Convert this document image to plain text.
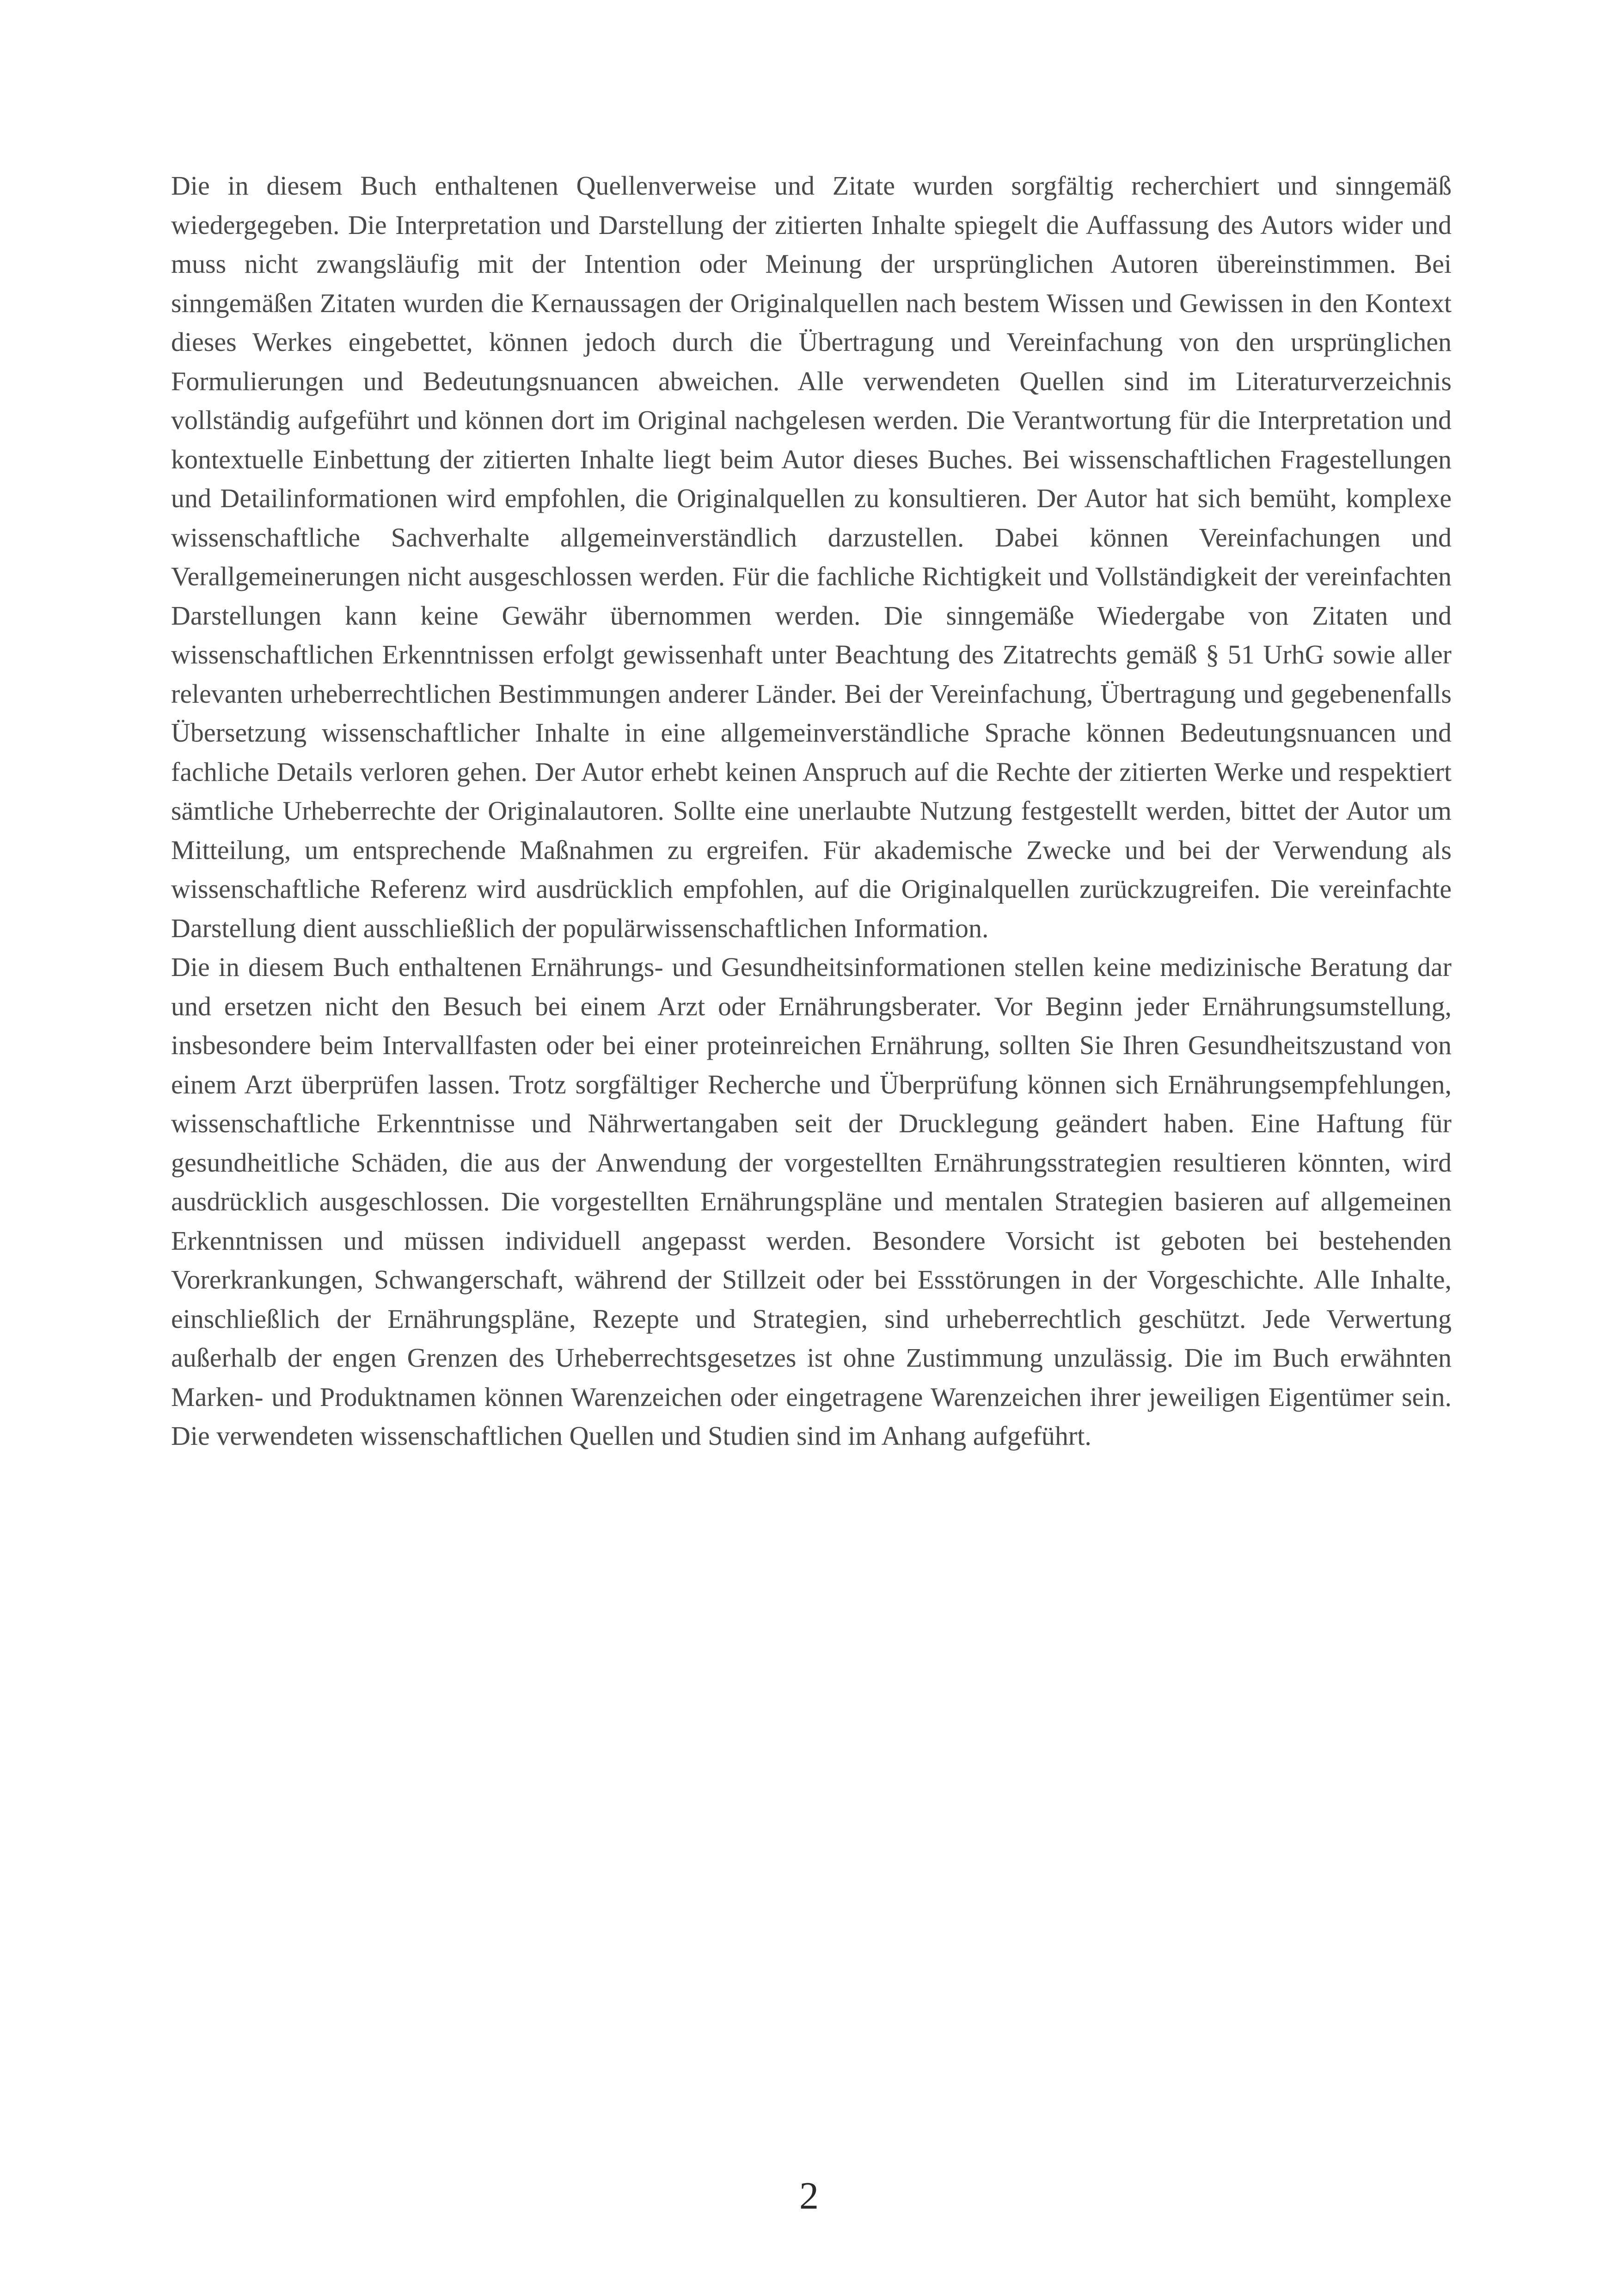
Die in diesem Buch enthaltenen Quellenverweise und Zitate wurden sorgfältig recherchiert und sinngemäß wiedergegeben. Die Interpretation und Darstellung der zitierten Inhalte spiegelt die Auffassung des Autors wider und muss nicht zwangsläufig mit der Intention oder Meinung der ursprünglichen Autoren übereinstimmen. Bei sinngemäßen Zitaten wurden die Kernaussagen der Originalquellen nach bestem Wissen und Gewissen in den Kontext dieses Werkes eingebettet, können jedoch durch die Übertragung und Vereinfachung von den ursprünglichen Formulierungen und Bedeutungsnuancen abweichen. Alle verwendeten Quellen sind im Literaturverzeichnis vollständig aufgeführt und können dort im Original nachgelesen werden. Die Verantwortung für die Interpretation und kontextuelle Einbettung der zitierten Inhalte liegt beim Autor dieses Buches. Bei wissenschaftlichen Fragestellungen und Detailinformationen wird empfohlen, die Originalquellen zu konsultieren. Der Autor hat sich bemüht, komplexe wissenschaftliche Sachverhalte allgemeinverständlich darzustellen. Dabei können Vereinfachungen und Verallgemeinerungen nicht ausgeschlossen werden. Für die fachliche Richtigkeit und Vollständigkeit der vereinfachten Darstellungen kann keine Gewähr übernommen werden. Die sinngemäße Wiedergabe von Zitaten und wissenschaftlichen Erkenntnissen erfolgt gewissenhaft unter Beachtung des Zitatrechts gemäß § 51 UrhG sowie aller relevanten urheberrechtlichen Bestimmungen anderer Länder. Bei der Vereinfachung, Übertragung und gegebenenfalls Übersetzung wissenschaftlicher Inhalte in eine allgemeinverständliche Sprache können Bedeutungsnuancen und fachliche Details verloren gehen. Der Autor erhebt keinen Anspruch auf die Rechte der zitierten Werke und respektiert sämtliche Urheberrechte der Originalautoren. Sollte eine unerlaubte Nutzung festgestellt werden, bittet der Autor um Mitteilung, um entsprechende Maßnahmen zu ergreifen. Für akademische Zwecke und bei der Verwendung als wissenschaftliche Referenz wird ausdrücklich empfohlen, auf die Originalquellen zurückzugreifen. Die vereinfachte Darstellung dient ausschließlich der populärwissenschaftlichen Information.

Die in diesem Buch enthaltenen Ernährungs- und Gesundheitsinformationen stellen keine medizinische Beratung dar und ersetzen nicht den Besuch bei einem Arzt oder Ernährungsberater. Vor Beginn jeder Ernährungsumstellung, insbesondere beim Intervallfasten oder bei einer proteinreichen Ernährung, sollten Sie Ihren Gesundheitszustand von einem Arzt überprüfen lassen. Trotz sorgfältiger Recherche und Überprüfung können sich Ernährungsempfehlungen, wissenschaftliche Erkenntnisse und Nährwertangaben seit der Drucklegung geändert haben. Eine Haftung für gesundheitliche Schäden, die aus der Anwendung der vorgestellten Ernährungsstrategien resultieren könnten, wird ausdrücklich ausgeschlossen. Die vorgestellten Ernährungspläne und mentalen Strategien basieren auf allgemeinen Erkenntnissen und müssen individuell angepasst werden. Besondere Vorsicht ist geboten bei bestehenden Vorerkrankungen, Schwangerschaft, während der Stillzeit oder bei Essstörungen in der Vorgeschichte. Alle Inhalte, einschließlich der Ernährungspläne, Rezepte und Strategien, sind urheberrechtlich geschützt. Jede Verwertung außerhalb der engen Grenzen des Urheberrechtsgesetzes ist ohne Zustimmung unzulässig. Die im Buch erwähnten Marken- und Produktnamen können Warenzeichen oder eingetragene Warenzeichen ihrer jeweiligen Eigentümer sein. Die verwendeten wissenschaftlichen Quellen und Studien sind im Anhang aufgeführt.

2
